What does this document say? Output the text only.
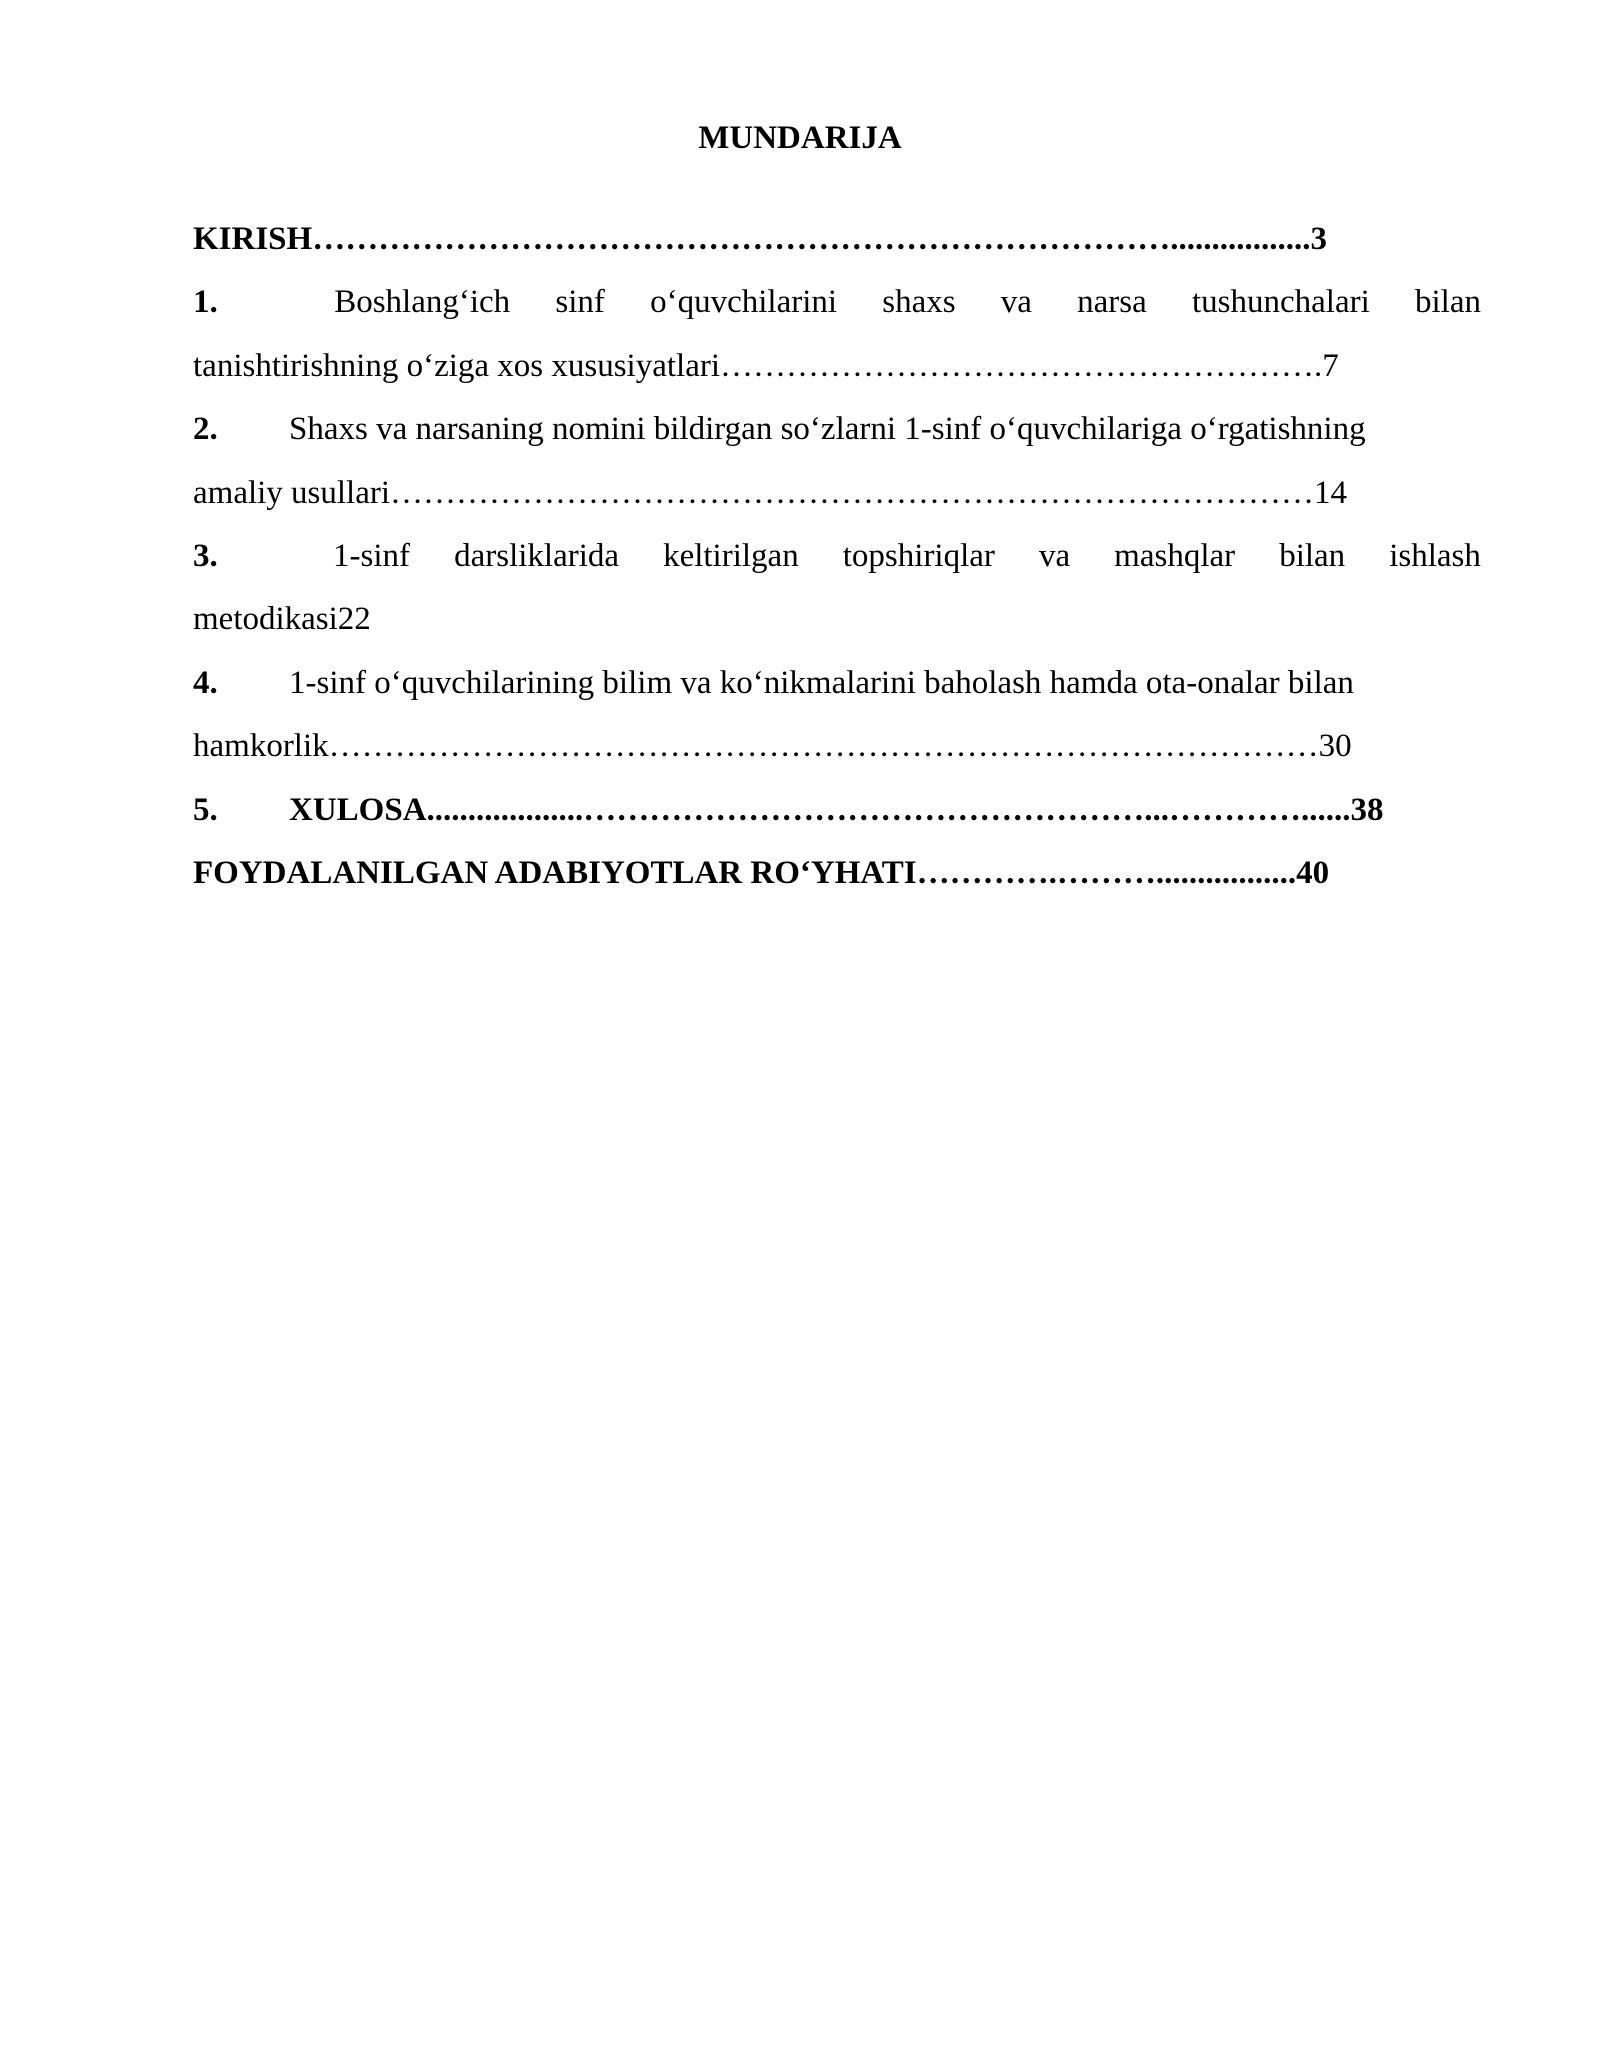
MUNDARIJA
KIRISH…………………………………………………………………….................3
1.	Boshlang‘ich sinf o‘quvchilarini shaxs va narsa tushunchalari bilan
tanishtirishning o‘ziga xos xususiyatlari……………………………………………….7
2. Shaxs va narsaning nomini bildirgan so‘zlarni 1-sinf o‘quvchilariga o‘rgatishning
amaliy usullari…………………………………………………………………………14
3.	1-sinf darsliklarida keltirilgan topshiriqlar va mashqlar bilan ishlash
metodikasi22
4. 1-sinf o‘quvchilarining bilim va ko‘nikmalarini baholash hamda ota-onalar bilan
hamkorlik………………………………………………………………………………30
5. XULOSA...................……………………………………………...…………......38
FOYDALANILGAN ADABIYOTLAR RO‘YHATI………….……….................40
